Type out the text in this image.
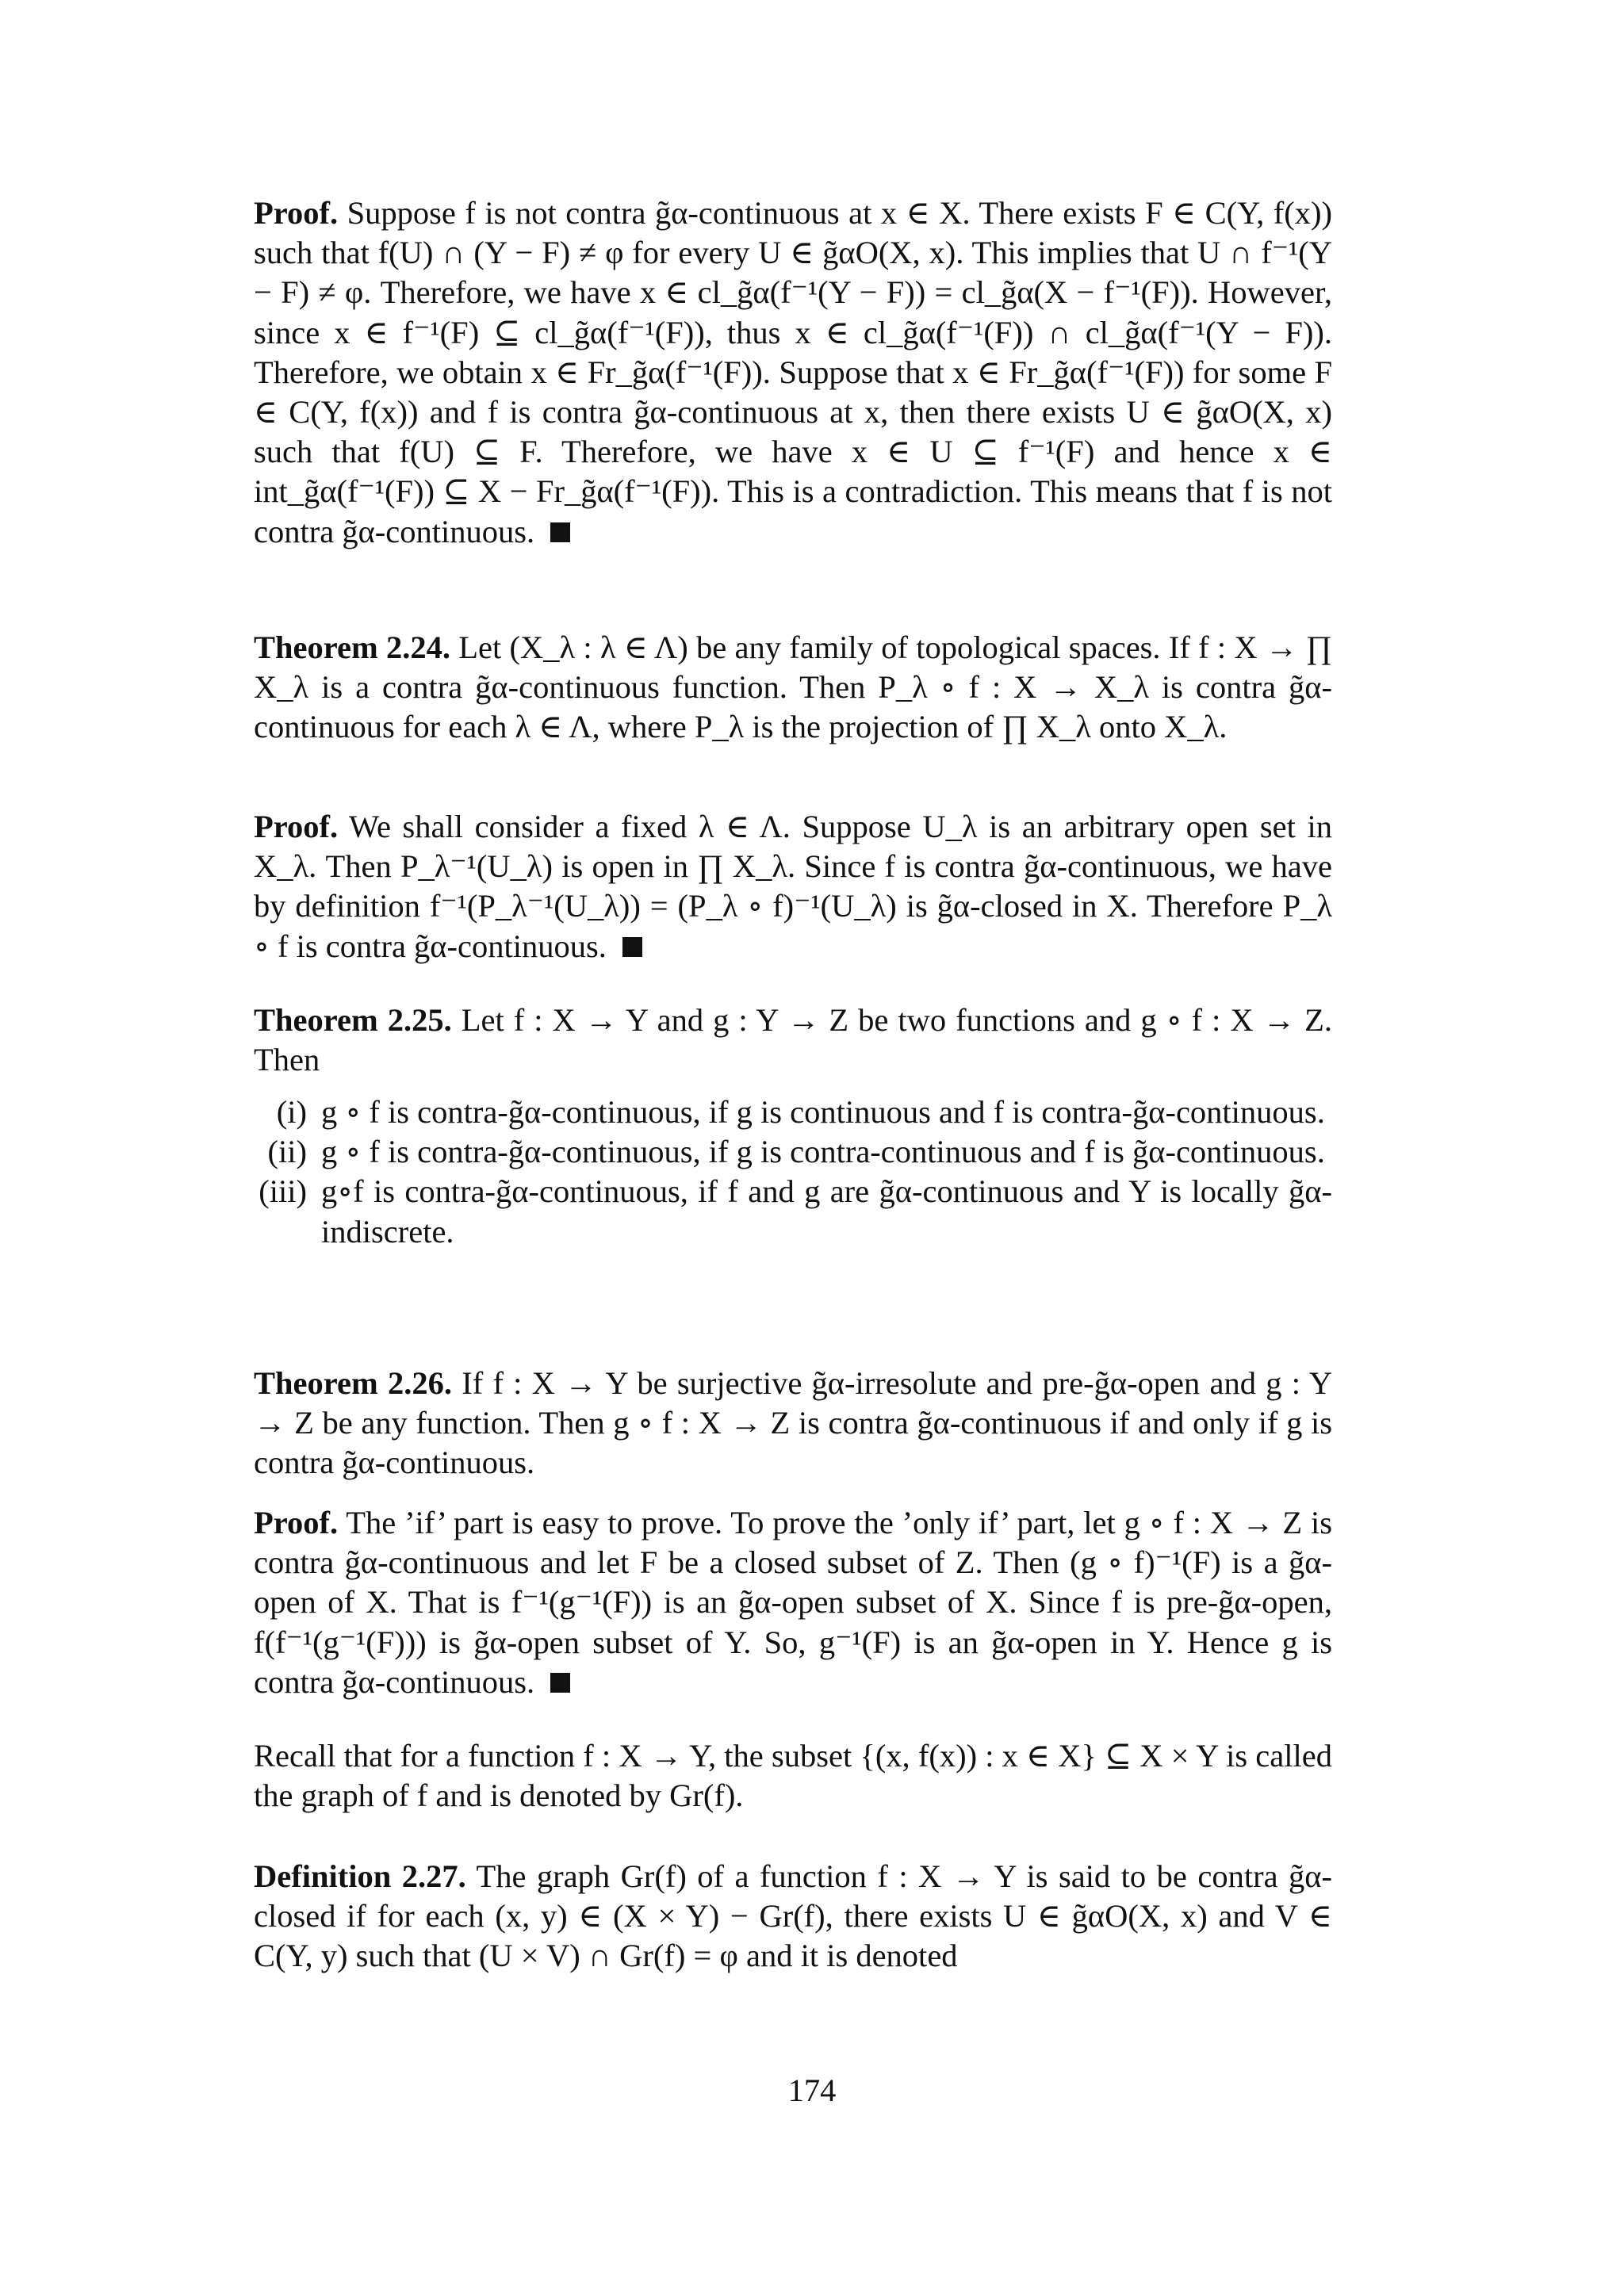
Proof. Suppose f is not contra g̃α-continuous at x ∈ X. There exists F ∈ C(Y, f(x)) such that f(U) ∩ (Y − F) ≠ φ for every U ∈ g̃αO(X, x). This implies that U ∩ f⁻¹(Y − F) ≠ φ. Therefore, we have x ∈ cl_g̃α(f⁻¹(Y − F)) = cl_g̃α(X − f⁻¹(F)). However, since x ∈ f⁻¹(F) ⊆ cl_g̃α(f⁻¹(F)), thus x ∈ cl_g̃α(f⁻¹(F)) ∩ cl_g̃α(f⁻¹(Y − F)). Therefore, we obtain x ∈ Fr_g̃α(f⁻¹(F)). Suppose that x ∈ Fr_g̃α(f⁻¹(F)) for some F ∈ C(Y, f(x)) and f is contra g̃α-continuous at x, then there exists U ∈ g̃αO(X, x) such that f(U) ⊆ F. Therefore, we have x ∈ U ⊆ f⁻¹(F) and hence x ∈ int_g̃α(f⁻¹(F)) ⊆ X − Fr_g̃α(f⁻¹(F)). This is a contradiction. This means that f is not contra g̃α-continuous.

Theorem 2.24. Let (X_λ : λ ∈ Λ) be any family of topological spaces. If f : X → ∏ X_λ is a contra g̃α-continuous function. Then P_λ ∘ f : X → X_λ is contra g̃α-continuous for each λ ∈ Λ, where P_λ is the projection of ∏ X_λ onto X_λ.

Proof. We shall consider a fixed λ ∈ Λ. Suppose U_λ is an arbitrary open set in X_λ. Then P_λ⁻¹(U_λ) is open in ∏ X_λ. Since f is contra g̃α-continuous, we have by definition f⁻¹(P_λ⁻¹(U_λ)) = (P_λ ∘ f)⁻¹(U_λ) is g̃α-closed in X. Therefore P_λ ∘ f is contra g̃α-continuous.

Theorem 2.25. Let f : X → Y and g : Y → Z be two functions and g ∘ f : X → Z. Then

(i) g ∘ f is contra-g̃α-continuous, if g is continuous and f is contra-g̃α-continuous.
(ii) g ∘ f is contra-g̃α-continuous, if g is contra-continuous and f is g̃α-continuous.
(iii) g∘f is contra-g̃α-continuous, if f and g are g̃α-continuous and Y is locally g̃α-indiscrete.

Theorem 2.26. If f : X → Y be surjective g̃α-irresolute and pre-g̃α-open and g : Y → Z be any function. Then g ∘ f : X → Z is contra g̃α-continuous if and only if g is contra g̃α-continuous.

Proof. The ’if’ part is easy to prove. To prove the ’only if’ part, let g ∘ f : X → Z is contra g̃α-continuous and let F be a closed subset of Z. Then (g ∘ f)⁻¹(F) is a g̃α-open of X. That is f⁻¹(g⁻¹(F)) is an g̃α-open subset of X. Since f is pre-g̃α-open, f(f⁻¹(g⁻¹(F))) is g̃α-open subset of Y. So, g⁻¹(F) is an g̃α-open in Y. Hence g is contra g̃α-continuous.

Recall that for a function f : X → Y, the subset {(x, f(x)) : x ∈ X} ⊆ X × Y is called the graph of f and is denoted by Gr(f).

Definition 2.27. The graph Gr(f) of a function f : X → Y is said to be contra g̃α-closed if for each (x, y) ∈ (X × Y) − Gr(f), there exists U ∈ g̃αO(X, x) and V ∈ C(Y, y) such that (U × V) ∩ Gr(f) = φ and it is denoted

174
